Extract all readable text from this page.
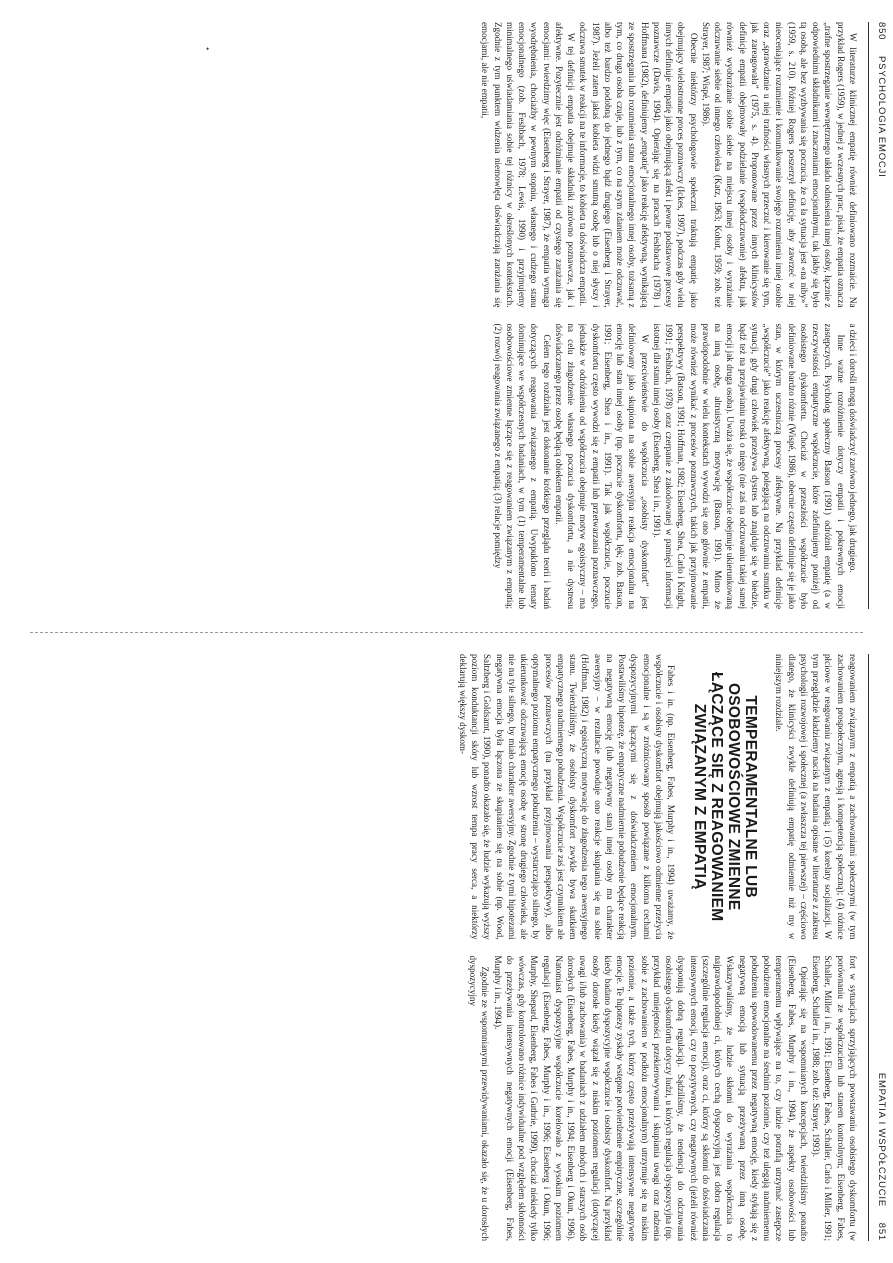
850
PSYCHOLOGIA EMOCJI

W literaturze klinicznej empatię również definiowano rozmaicie. Na przykład Rogers (1959), w jednej z wczesnych prac, pisał, że empatia oznacza „trafne spostrzeganie wewnętrznego układu odniesienia innej osoby, łącznie z odpowiednimi składnikami i znaczeniami emocjonalnymi, tak jakby się było tą osobą, ale bez wyzbywania się poczucia, że ca ła sytuacja jest «na niby»” (1959, s. 210). Później Rogers poszerzył definicję, aby zawrzeć w niej nieoceniające rozumienie i komunikowanie swojego rozumienia innej osobie oraz „sprawdzanie u niej trafności własnych przeczuć i kierowanie się tym, jak zareagowała” (1975, s. 4). Proponowane przez innych klinicystów definicje empatii obejmowały podzielanie (współodczuwanie) afektu, jak również wyobrażanie sobie siebie na miejscu innej osoby i wyrażanie odczuwanie siebie od innego człowieka (Katz, 1963; Kohut, 1959; zob. też Strayer, 1987; Wispé, 1986).

Obecnie niektórzy psychologowie społeczni traktują empatię jako obejmujący wielostronne proces poznawczy (Ickes, 1997), podczas gdy wielu innych definiuje empatię jako obejmującą afekt i pewne podstawowe procesy poznawcze (Davis, 1994). Opierając się na pracach Feshbacha (1978) i Hoffmana (1982), definiujemy „empatię” jako reakcję afektywną, wynikającą ze spostrzegania lub rozumienia stanu emocjonalnego innej osoby, tożsamą z tym, co druga osoba czuje, lub z tym, co na szym zdaniem może odczuwać, albo też bardzo podobną do jednego bądź drugiego (Eisenberg i Strayer, 1987). Jeżeli zatem jakaś kobieta widzi smutną osobę lub o niej słyszy i odczuwa smutek w reakcji na te informacje, to kobieta ta doświadcza empatii.

W tej definicji empatia obejmuje składniki zarówno poznawcze, jak i afektywne. Pozytecznie jest odróżnianie empatii od czystego zarażania się emocjami: twierdzimy więc (Eisenberg i Strayer, 1987), że empatia wymaga wyodrębnienia, chociażby w pewnym stopniu, własnego i cudzego stanu emocjonalnego (zob. Feshbach, 1978; Lewis, 1990) i przyjmujemy minimalnego uświadamiania sobie tej różnicy w określonych kontekstach. Zgodnie z tym punktem widzenia niemowlęta doświadczają zarażania się emocjami, ale nie empatii,

a dzieci i dorośli mogą doświadczyć zarówno jednego, jak drugiego.

Inne ważne rozróżnienie dotyczy empatii i pokrewnych emocji zastępczych. Psycholog społeczny Batson (1991) odróżnił empatię (a w rzeczywistości empatyczne współczucie, które zdefiniujemy poniżej) od osobistego dyskomfortu. Chociaż w przeszłości współczucie było definiowane bardzo różnie (Wispé, 1986), obecnie często definiuje się je jako stan, w którym uczestniczą procesy afektywne. Na przykład definicje „współczucie” jako reakcję afektywną, polegającą na odczuwaniu smutku w sytuacji, gdy drugi człowiek przeżywa dystres lub znajduje się w biedzie, bądź też na przejawianiu troski o niego (nie zaś na odczuwaniu takiej samej emocji jak druga osoba). Uważa się, że współczucie obejmuje ukierunkowaną na inną osobę, altruistyczną motywację (Batson, 1991). Mimo że prawdopodobnie w wielu kontekstach wywodzi się ono głównie z empatii, może również wynikać z procesów poznawczych, takich jak przyjmowanie perspektywy (Batson, 1991; Hoffman, 1982; Eisenberg, Shea, Carlo i Knight, 1991; Feshbach, 1978) oraz czerpanie z zakodowanej w pamięci informacji istotnej dla stanu innej osoby (Eisenberg, Shea i in., 1991).

W przeciwieństwie do współczucia „osobisty dyskomfort” jest definiowany jako skupiona na sobie awersyjna reakcja emocjonalna na emocję lub stan innej osoby (np. poczucie dyskomfortu, lęk; zob. Batson, 1991; Eisenberg, Shea i in., 1991). Tak jak współczucie, poczucie dyskomfortu często wywodzi się z empatii lub przetwarzania poznawczego, jednakże w odróżnieniu od współczucia obejmuje motyw egoistyczny – ma na celu złagodzenie własnego poczucia dyskomfortu, a nie dystresu doświadczanego przez osobę będącą obiektem empatii.

Celem tego rozdziału jest dokonanie krótkiego przeglądu teorii i badań dotyczących reagowania związanego z empatią. Uwypuklono tematy dominujące we współczesnych badaniach, w tym (1) temperamentalne lub osobowościowe zmienne łączące się z reagowaniem związanym z empatią; (2) rozwój reagowania związanego z empatią; (3) relacje pomiędzy

•
EMPATIA I WSPÓŁCZUCIE
851

reagowaniem związanym z empatią a zachowaniami społecznymi (w tym zachowaniem prospołecznym, agresją i kompetencją społeczną); (4) różnice płciowe w reagowaniu związanym z empatią; i (5) korelaty socjalizacji. W tym przeglądzie kładziemy nacisk na badania opisane w literaturze z zakresu psychologii rozwojowej i społecznej (a zwłaszcza tej pierwszej) – częściowo dlatego, że klinicyści zwykle definiują empatię odmiennie niż my w niniejszym rozdziale.

TEMPERAMENTALNE LUB
OSOBOWOŚCIOWE ZMIENNE
ŁĄCZĄCE SIĘ Z REAGOWANIEM
ZWIĄZANYM Z EMPATIĄ

Fabes i in. (np. Eisenberg, Fabes, Murphy i in., 1994) uważamy, że współczucie i osobisty dyskomfort obejmują jakościowo odmienne przeżycia emocjonalne i są w zróżnicowany sposób powiązane z kilkoma cechami dyspozycyjnymi łączącymi się z doświadczeniem emocjonalnym. Postawiliśmy hipotezę, że empatyczne nadmiernie pobudzenie będące reakcją na negatywną emocję (lub negatywny stan) innej osoby ma charakter awersyjny – w rezultacie powoduje ono reakcje skupiania się na sobie (Hoffman, 1982) i egoistyczną motywację do złagodzenia tego awersyjnego stanu. Twierdziliśmy, że osobisty dyskomfort zwykle bywa skutkiem empatycznego nadmiernego pobudzenia. Współczucie zaś jest czynnikiem ale procesów poznawczych (na przykład przyjmowania perspektywy), albo optymalnego poziomu empatycznego pobudzenia – wystarczająco silnego, by ukierunkować odczuwającą emocję osobę w stronę drugiego człowieka, ale nie na tyle silnego, by miało charakter awersyjny. Zgodnie z tymi hipotezami negatywna emocja była łączona ze skupianiem się na sobie (np. Wood, Saltzberg i Goldsamt, 1990), ponadto okazało się, że ludzie wykazują wyższy poziom konduktancji skóry lub wzrost tempa pracy serca, a niektórzy deklarują większy dyskom-

fort w sytuacjach sprzyjających powstawaniu osobistego dyskomfortu (w porównaniu ze współczuciem lub stanem kontrolnym; Eisenberg, Fabes, Schaller, Miller i in., 1991; Eisenberg, Fabes, Schaller, Carlo i Miller, 1991; Eisenberg, Schaller i in., 1988; zob. też: Strayer, 1993).

Opierając się na wspomnianych koncepcjach, twierdziliśmy ponadto (Eisenberg, Fabes, Murphy i in., 1994), że aspekty osobowości lub temperamentu wpływające na to, czy ludzie potrafią utrzymać zastępcze pobudzenie emocjonalne na średnim poziomie, czy też ulegają nadmiernemu pobudzeniu spowodowanemu przez negatywną emocję, kiedy stykają się z negatywną emocją lub sytuacją przeżywaną przez inną osobę. Wskazywaliśmy, że ludzie skłonni do wyrażania współczucia to najprawdopodobniej ci, których cechą dyspozycyjną jest dobra regulacja (szczególnie regulacja emocji), oraz ci, którzy są skłonni do doświadczania intensywnych emocji, czy to pozytywnych, czy negatywnych (jeżeli również dysponują dobrą regulacją). Sądziliśmy, że tendencja do odczuwania osobistego dyskomfortu dotyczy ludzi, u których regulacja dyspozycyjna (np. przykład umiejętności przekierowywania i skupiania uwagi oraz radzenia sobie z zachowaniem w podłożu emocjonalnym) utrzymuje się na niskim poziomie, a także tych, którzy często przeżywają intensywne negatywne emocje. Te hipotezy zyskały wstępne potwierdzenie empiryczne, szczególnie kiedy badano dyspozycyjne współczucie i osobisty dyskomfort. Na przykład osoby dorosłe kiedy wiązał się z niskim poziomem regulacji (dotyczącej uwagi i/lub zachowania) w badaniach z udziałem młodych i starszych osób dorosłych (Eisenberg, Fabes, Murphy i in., 1994; Eisenberg i Okun, 1996). Natomiast dyspozycyjne współczucie korelowało z wysokim poziomem regulacji (Eisenberg, Fabes, Murphy i in., 1996; Eisenberg i Okun, 1996; Murphy, Shepard, Eisenberg, Fabes i Guthrie, 1999), chociaż niekiedy tylko wówczas, gdy kontrolowano różnice indywidualne pod względem skłonności do przeżywania intensywnych negatywnych emocji (Eisenberg, Fabes, Murphy i in., 1994).

Zgodnie ze wspomnianymi przewidywaniami, okazało się, że u dorosłych dyspozycyjny
